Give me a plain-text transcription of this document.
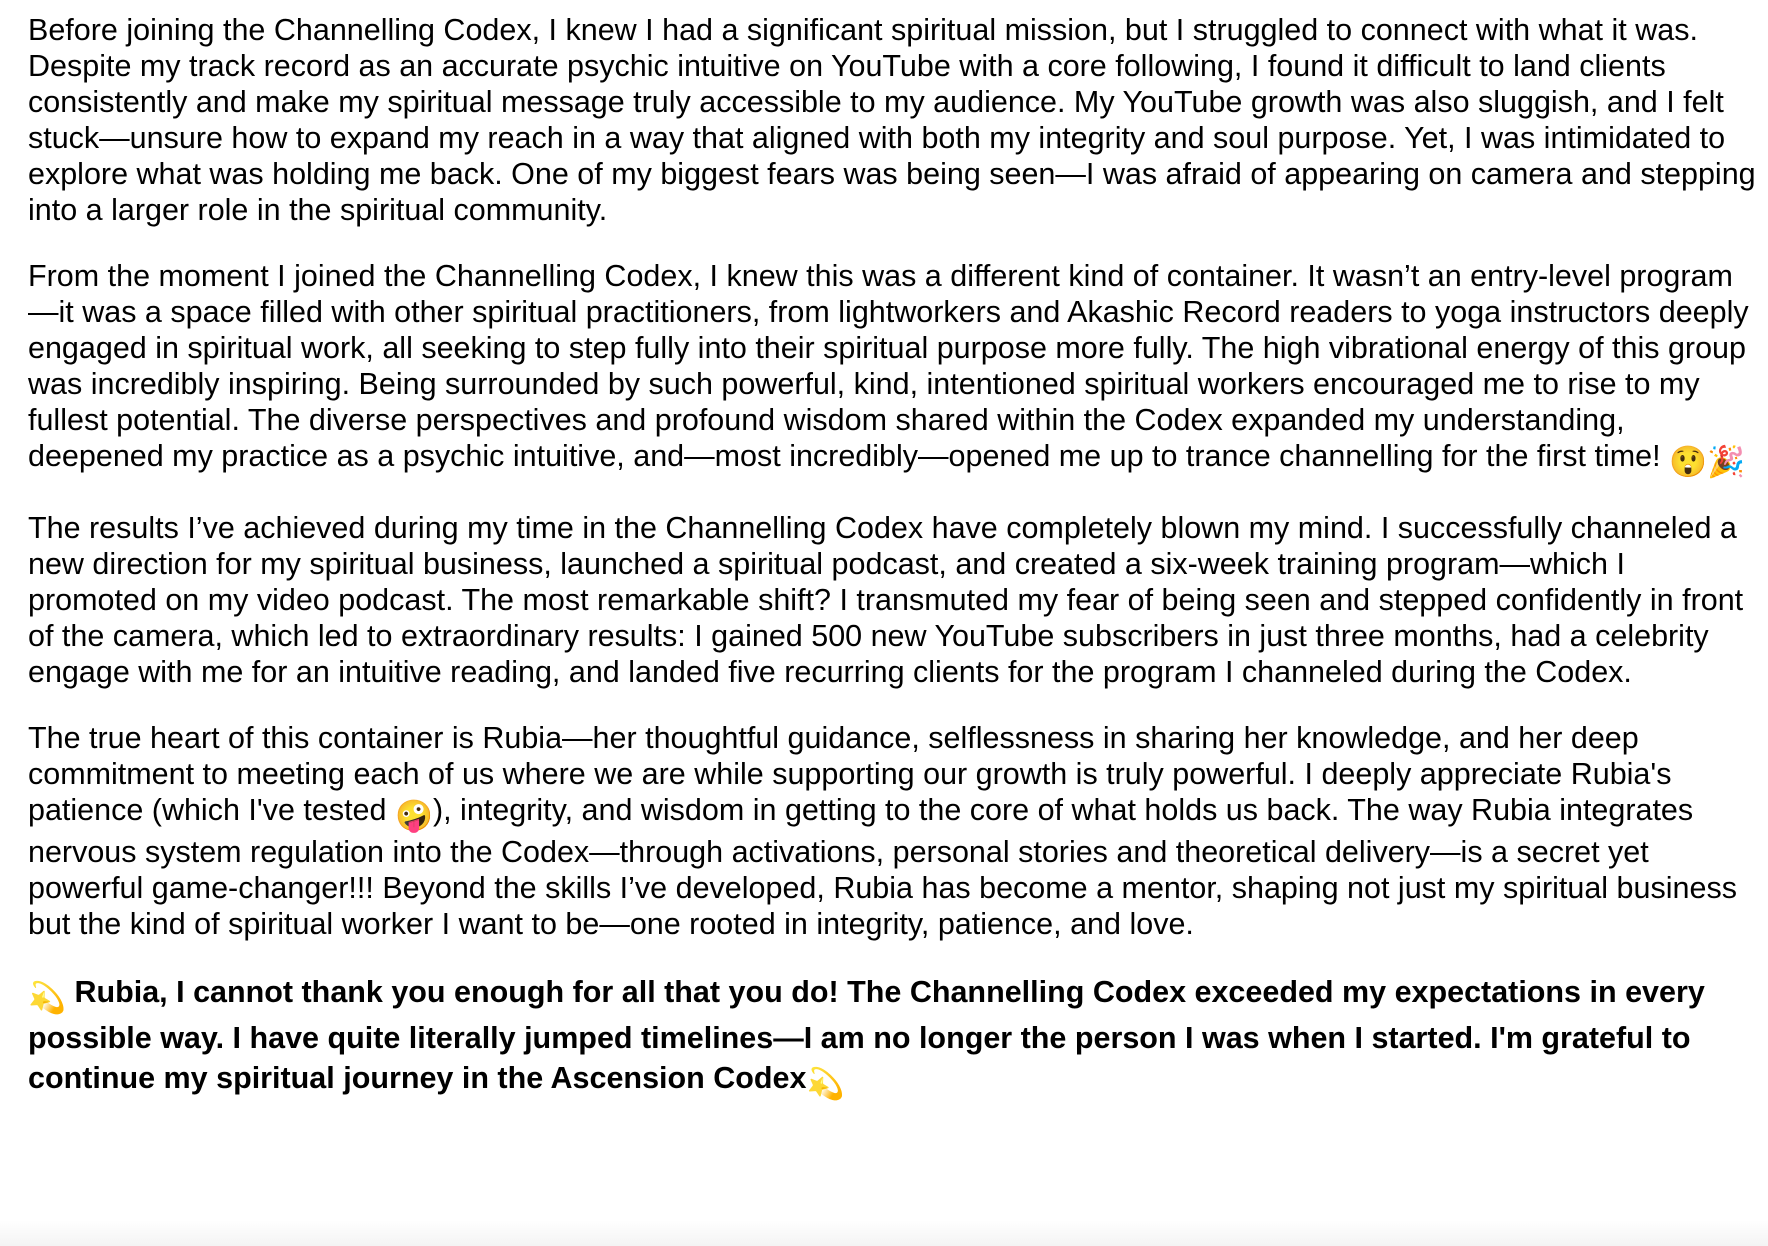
Before joining the Channelling Codex, I knew I had a significant spiritual mission, but I struggled to connect with what it was. Despite my track record as an accurate psychic intuitive on YouTube with a core following, I found it difficult to land clients consistently and make my spiritual message truly accessible to my audience. My YouTube growth was also sluggish, and I felt stuck—unsure how to expand my reach in a way that aligned with both my integrity and soul purpose. Yet, I was intimidated to explore what was holding me back. One of my biggest fears was being seen—I was afraid of appearing on camera and stepping into a larger role in the spiritual community.

From the moment I joined the Channelling Codex, I knew this was a different kind of container. It wasn’t an entry-level program—it was a space filled with other spiritual practitioners, from lightworkers and Akashic Record readers to yoga instructors deeply engaged in spiritual work, all seeking to step fully into their spiritual purpose more fully. The high vibrational energy of this group was incredibly inspiring. Being surrounded by such powerful, kind, intentioned spiritual workers encouraged me to rise to my fullest potential. The diverse perspectives and profound wisdom shared within the Codex expanded my understanding, deepened my practice as a psychic intuitive, and—most incredibly—opened me up to trance channelling for the first time! 😲🎉

The results I’ve achieved during my time in the Channelling Codex have completely blown my mind. I successfully channeled a new direction for my spiritual business, launched a spiritual podcast, and created a six-week training program—which I promoted on my video podcast. The most remarkable shift? I transmuted my fear of being seen and stepped confidently in front of the camera, which led to extraordinary results: I gained 500 new YouTube subscribers in just three months, had a celebrity engage with me for an intuitive reading, and landed five recurring clients for the program I channeled during the Codex.

The true heart of this container is Rubia—her thoughtful guidance, selflessness in sharing her knowledge, and her deep commitment to meeting each of us where we are while supporting our growth is truly powerful. I deeply appreciate Rubia's patience (which I've tested 🤪), integrity, and wisdom in getting to the core of what holds us back. The way Rubia integrates nervous system regulation into the Codex—through activations, personal stories and theoretical delivery—is a secret yet powerful game-changer!!! Beyond the skills I’ve developed, Rubia has become a mentor, shaping not just my spiritual business but the kind of spiritual worker I want to be—one rooted in integrity, patience, and love.

💫 Rubia, I cannot thank you enough for all that you do! The Channelling Codex exceeded my expectations in every possible way. I have quite literally jumped timelines—I am no longer the person I was when I started. I'm grateful to continue my spiritual journey in the Ascension Codex💫
